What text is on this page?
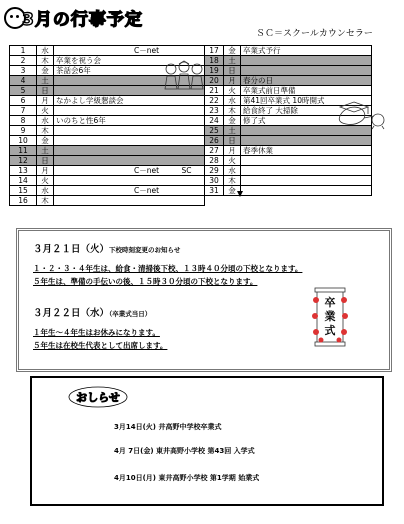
3月の行事予定
ＳＣ＝スクールカウンセラー
1	水	C－net	17	金	卒業式予行
2	木	卒業を祝う会	18	土	
3	金	茶話会6年	19	日	
4	土		20	月	春分の日
5	日		21	火	卒業式前日準備
6	月	なかよし学級懇談会	22	水	第41回卒業式 10時開式
7	火		23	木	給食終了 大掃除
8	水	いのちと性6年	24	金	修了式
9	木		25	土	
10	金		26	日	
11	土		27	月	春季休業
12	日		28	火	
13	月	C－net　　　SC	29	水	
14	火		30	木	
15	水	C－net	31	金	
16	木				
３月２１日（火）下校時刻変更のお知らせ
１・２・３・４年生は、給食・清掃後下校、１３時４０分頃の下校となります。
５年生は、準備の手伝いの後、１５時３０分頃の下校となります。
３月２２日（水）（卒業式当日）
１年生～４年生はお休みになります。
５年生は在校生代表として出席します。
卒
業
式
おしらせ
3月14日(火) 井高野中学校卒業式
4月 7日(金) 東井高野小学校 第43回 入学式
4月10日(月) 東井高野小学校 第1学期 始業式
